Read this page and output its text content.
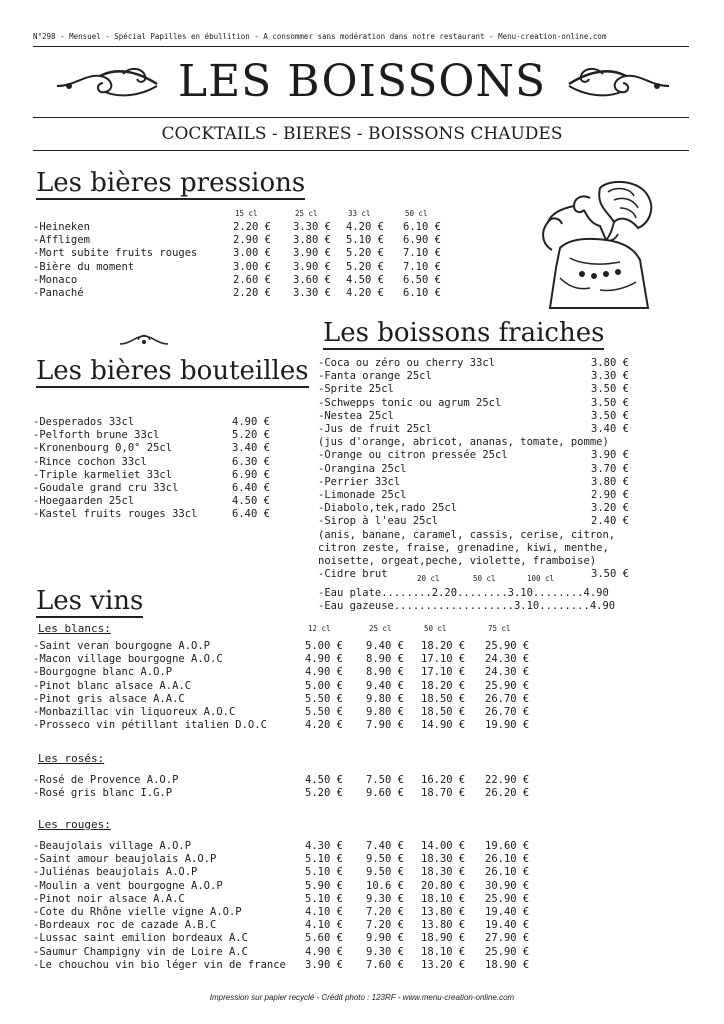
N°298 - Mensuel - Spécial Papilles en ébullition - A consommer sans modération dans notre restaurant - Menu-creation-online.com
LES BOISSONS
COCKTAILS - BIERES - BOISSONS CHAUDES
Les bières pressions
15 cl	25 cl	33 cl	50 cl
-Heineken	2.20 € 3.30 € 4.20 € 6.10 €
-Affligem	2.90 € 3.80 € 5.10 € 6.90 €
-Mort subite fruits rouges	3.00 € 3.90 € 5.20 € 7.10 €
-Bière du moment	3.00 € 3.90 € 5.20 € 7.10 €
-Monaco	2.60 € 3.60 € 4.50 € 6.50 €
-Panaché	2.20 € 3.30 € 4.20 € 6.10 €
Les boissons fraiches
-Coca ou zéro ou cherry 33cl	3.80 €
-Fanta orange 25cl	3.30 €
-Sprite 25cl	3.50 €
-Schwepps tonic ou agrum 25cl	3.50 €
-Nestea 25cl	3.50 €
-Jus de fruit 25cl	3.40 €
(jus d'orange, abricot, ananas, tomate, pomme)
-Orange ou citron pressée 25cl	3.90 €
-Orangina 25cl	3.70 €
-Perrier 33cl	3.80 €
-Limonade 25cl	2.90 €
-Diabolo,tek,rado 25cl	3.20 €
-Sirop à l'eau 25cl	2.40 €
(anis, banane, caramel, cassis, cerise, citron,
citron zeste, fraise, grenadine, kiwi, menthe,
noisette, orgeat,peche, violette, framboise)
-Cidre brut	3.50 €
Les bières bouteilles
-Desperados 33cl	4.90 €
-Pelforth brune 33cl	5.20 €
-Kronenbourg 0,0° 25cl	3.40 €
-Rince cochon 33cl	6.30 €
-Triple karmeliet 33cl	6.90 €
-Goudale grand cru 33cl	6.40 €
-Hoegaarden 25cl	4.50 €
-Kastel fruits rouges 33cl	6.40 €
20 cl	50 cl	100 cl
-Eau plate........2.20........3.10........4.90
-Eau gazeuse...................3.10........4.90
Les vins
12 cl	25 cl	50 cl	75 cl
Les blancs:
-Saint veran bourgogne A.O.P	5.00 € 9.40 € 18.20 € 25.90 €
-Macon village bourgogne A.O.C	4.90 € 8.90 € 17.10 € 24.30 €
-Bourgogne blanc A.O.P	4.90 € 8.90 € 17.10 € 24.30 €
-Pinot blanc alsace A.A.C	5.00 € 9.40 € 18.20 € 25.90 €
-Pinot gris alsace A.A.C	5.50 € 9.80 € 18.50 € 26.70 €
-Monbazillac vin liquoreux A.O.C	5.50 € 9.80 € 18.50 € 26.70 €
-Prosseco vin pétillant italien D.O.C	4.20 € 7.90 € 14.90 € 19.90 €
Les rosés:
-Rosé de Provence A.O.P	4.50 € 7.50 € 16.20 € 22.90 €
-Rosé gris blanc I.G.P	5.20 € 9.60 € 18.70 € 26.20 €
Les rouges:
-Beaujolais village A.O.P	4.30 € 7.40 € 14.00 € 19.60 €
-Saint amour beaujolais A.O.P	5.10 € 9.50 € 18.30 € 26.10 €
-Juliénas beaujolais A.O.P	5.10 € 9.50 € 18.30 € 26.10 €
-Moulin a vent bourgogne A.O.P	5.90 € 10.6 € 20.80 € 30.90 €
-Pinot noir alsace A.A.C	5.10 € 9.30 € 18.10 € 25.90 €
-Cote du Rhône vielle vigne A.O.P	4.10 € 7.20 € 13.80 € 19.40 €
-Bordeaux roc de cazade A.B.C	4.10 € 7.20 € 13.80 € 19.40 €
-Lussac saint emilion bordeaux A.C	5.60 € 9.90 € 18.90 € 27.90 €
-Saumur Champigny vin de Loire A.C	4.90 € 9.30 € 18.10 € 25.90 €
-Le chouchou vin bio léger vin de france 3.90 € 7.60 € 13.20 € 18.90 €
Impression sur papier recyclé - Crédit photo : 123RF - www.menu-creation-online.com
